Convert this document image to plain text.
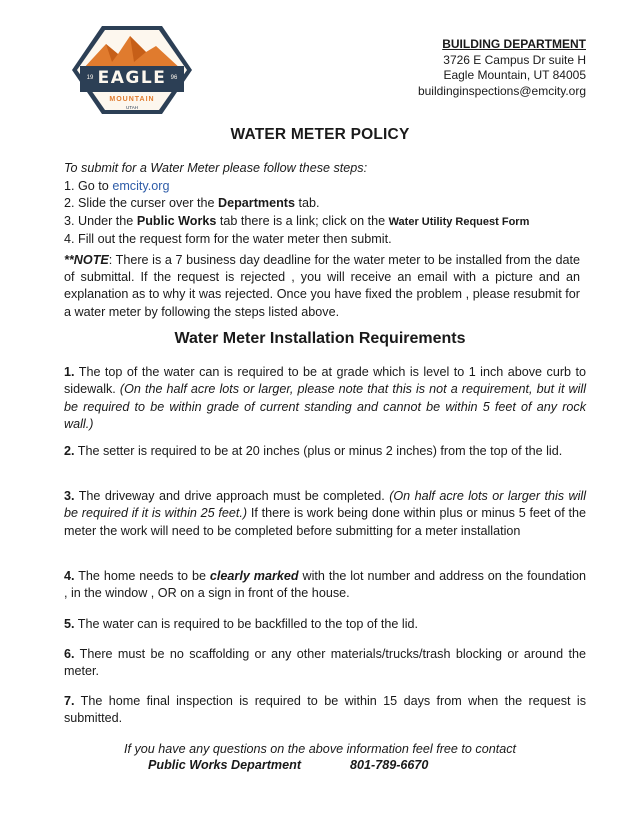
19	96
EAGLE
MOUNTAIN
UTAH
BUILDING DEPARTMENT
3726 E Campus Dr suite H
Eagle Mountain, UT 84005
buildinginspections@emcity.org
WATER METER POLICY
To submit for a Water Meter please follow these steps:
1. Go to emcity.org
2. Slide the curser over the Departments tab.
3. Under the Public Works tab there is a link; click on the Water Utility Request Form
4. Fill out the request form for the water meter then submit.
**NOTE: There is a 7 business day deadline for the water meter to be installed from the date of submittal. If the request is rejected , you will receive an email with a picture and an explanation as to why it was rejected. Once you have fixed the problem , please resubmit for a water meter by following the steps listed above.
Water Meter Installation Requirements
1. The top of the water can is required to be at grade which is level to 1 inch above curb to sidewalk. (On the half acre lots or larger, please note that this is not a requirement, but it will be required to be within grade of current standing and cannot be within 5 feet of any rock wall.)
2. The setter is required to be at 20 inches (plus or minus 2 inches) from the top of the lid.
3. The driveway and drive approach must be completed. (On half acre lots or larger this will be required if it is within 25 feet.) If there is work being done within plus or minus 5 feet of the meter the work will need to be completed before submitting for a meter installation
4. The home needs to be clearly marked with the lot number and address on the foundation , in the window , OR on a sign in front of the house.
5. The water can is required to be backfilled to the top of the lid.
6. There must be no scaffolding or any other materials/trucks/trash blocking or around the meter.
7. The home final inspection is required to be within 15 days from when the request is submitted.
If you have any questions on the above information feel free to contact
Public Works Department	801-789-6670
